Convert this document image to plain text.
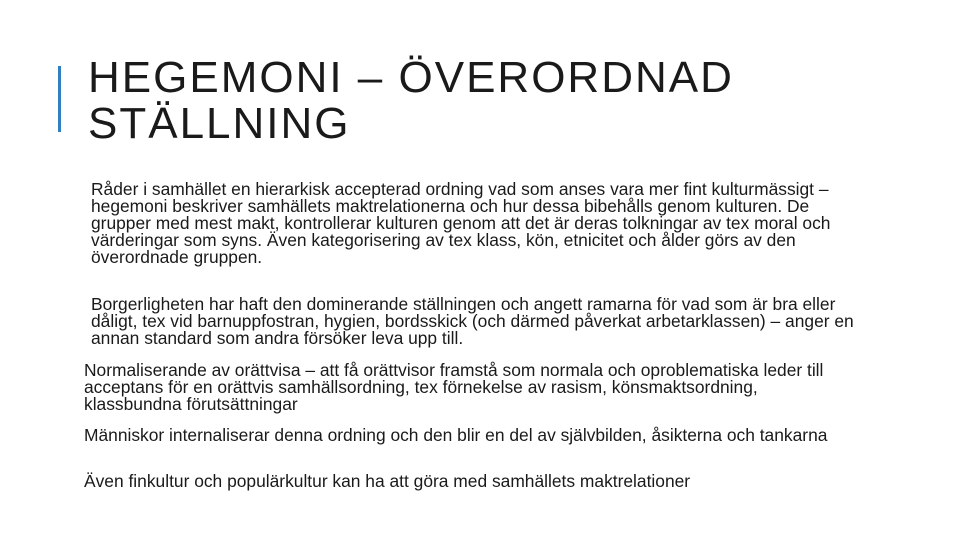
HEGEMONI – ÖVERORDNAD
STÄLLNING

Råder i samhället en hierarkisk accepterad ordning vad som anses vara mer fint kulturmässigt – hegemoni beskriver samhällets maktrelationerna och hur dessa bibehålls genom kulturen. De grupper med mest makt, kontrollerar kulturen genom att det är deras tolkningar av tex moral och värderingar som syns. Även kategorisering av tex klass, kön, etnicitet och ålder görs av den överordnade gruppen.

Borgerligheten har haft den dominerande ställningen och angett ramarna för vad som är bra eller dåligt, tex vid barnuppfostran, hygien, bordsskick (och därmed påverkat arbetarklassen) – anger en annan standard som andra försöker leva upp till.

Normaliserande av orättvisa – att få orättvisor framstå som normala och oproblematiska leder till acceptans för en orättvis samhällsordning, tex förnekelse av rasism, könsmaktsordning, klassbundna förutsättningar

Människor internaliserar denna ordning och den blir en del av självbilden, åsikterna och tankarna

Även finkultur och populärkultur kan ha att göra med samhällets maktrelationer
